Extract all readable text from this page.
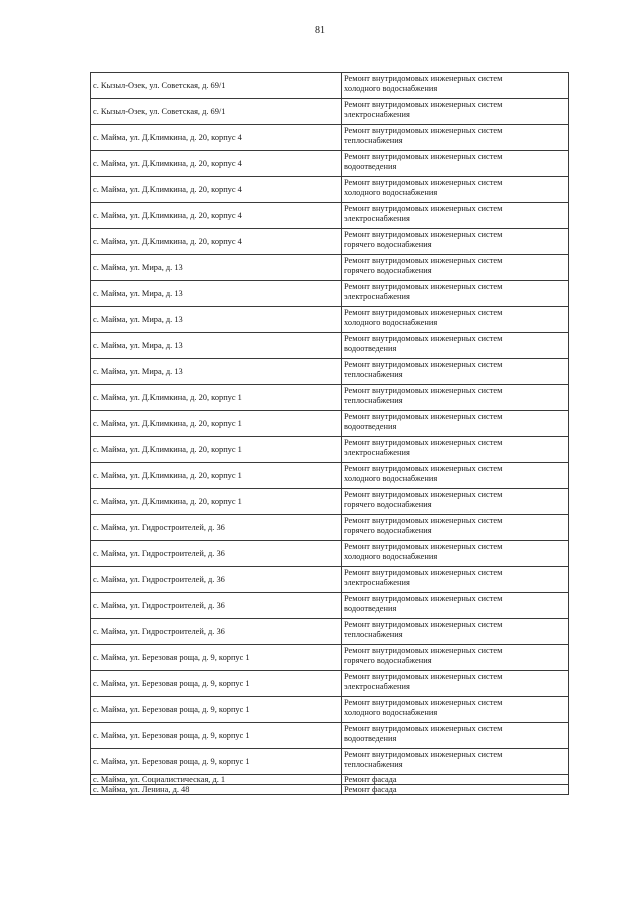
81
с. Кызыл-Озек, ул. Советская, д. 69/1	Ремонт внутридомовых инженерных систем
холодного водоснабжения

с. Кызыл-Озек, ул. Советская, д. 69/1	Ремонт внутридомовых инженерных систем
электроснабжения

с. Майма, ул. Д.Климкина, д. 20, корпус 4	Ремонт внутридомовых инженерных систем
теплоснабжения

с. Майма, ул. Д.Климкина, д. 20, корпус 4	Ремонт внутридомовых инженерных систем
водоотведения

с. Майма, ул. Д.Климкина, д. 20, корпус 4	Ремонт внутридомовых инженерных систем
холодного водоснабжения

с. Майма, ул. Д.Климкина, д. 20, корпус 4	Ремонт внутридомовых инженерных систем
электроснабжения

с. Майма, ул. Д.Климкина, д. 20, корпус 4	Ремонт внутридомовых инженерных систем
горячего водоснабжения

с. Майма, ул. Мира, д. 13	Ремонт внутридомовых инженерных систем
горячего водоснабжения

с. Майма, ул. Мира, д. 13	Ремонт внутридомовых инженерных систем
электроснабжения

с. Майма, ул. Мира, д. 13	Ремонт внутридомовых инженерных систем
холодного водоснабжения

с. Майма, ул. Мира, д. 13	Ремонт внутридомовых инженерных систем
водоотведения

с. Майма, ул. Мира, д. 13	Ремонт внутридомовых инженерных систем
теплоснабжения

с. Майма, ул. Д.Климкина, д. 20, корпус 1	Ремонт внутридомовых инженерных систем
теплоснабжения

с. Майма, ул. Д.Климкина, д. 20, корпус 1	Ремонт внутридомовых инженерных систем
водоотведения

с. Майма, ул. Д.Климкина, д. 20, корпус 1	Ремонт внутридомовых инженерных систем
электроснабжения

с. Майма, ул. Д.Климкина, д. 20, корпус 1	Ремонт внутридомовых инженерных систем
холодного водоснабжения

с. Майма, ул. Д.Климкина, д. 20, корпус 1	Ремонт внутридомовых инженерных систем
горячего водоснабжения

с. Майма, ул. Гидростроителей, д. 36	Ремонт внутридомовых инженерных систем
горячего водоснабжения

с. Майма, ул. Гидростроителей, д. 36	Ремонт внутридомовых инженерных систем
холодного водоснабжения

с. Майма, ул. Гидростроителей, д. 36	Ремонт внутридомовых инженерных систем
электроснабжения

с. Майма, ул. Гидростроителей, д. 36	Ремонт внутридомовых инженерных систем
водоотведения

с. Майма, ул. Гидростроителей, д. 36	Ремонт внутридомовых инженерных систем
теплоснабжения

с. Майма, ул. Березовая роща, д. 9, корпус 1	Ремонт внутридомовых инженерных систем
горячего водоснабжения

с. Майма, ул. Березовая роща, д. 9, корпус 1	Ремонт внутридомовых инженерных систем
электроснабжения

с. Майма, ул. Березовая роща, д. 9, корпус 1	Ремонт внутридомовых инженерных систем
холодного водоснабжения

с. Майма, ул. Березовая роща, д. 9, корпус 1	Ремонт внутридомовых инженерных систем
водоотведения

с. Майма, ул. Березовая роща, д. 9, корпус 1	Ремонт внутридомовых инженерных систем
теплоснабжения

с. Майма, ул. Социалистическая, д. 1	Ремонт фасада

с. Майма, ул. Ленина, д. 48	Ремонт фасада
